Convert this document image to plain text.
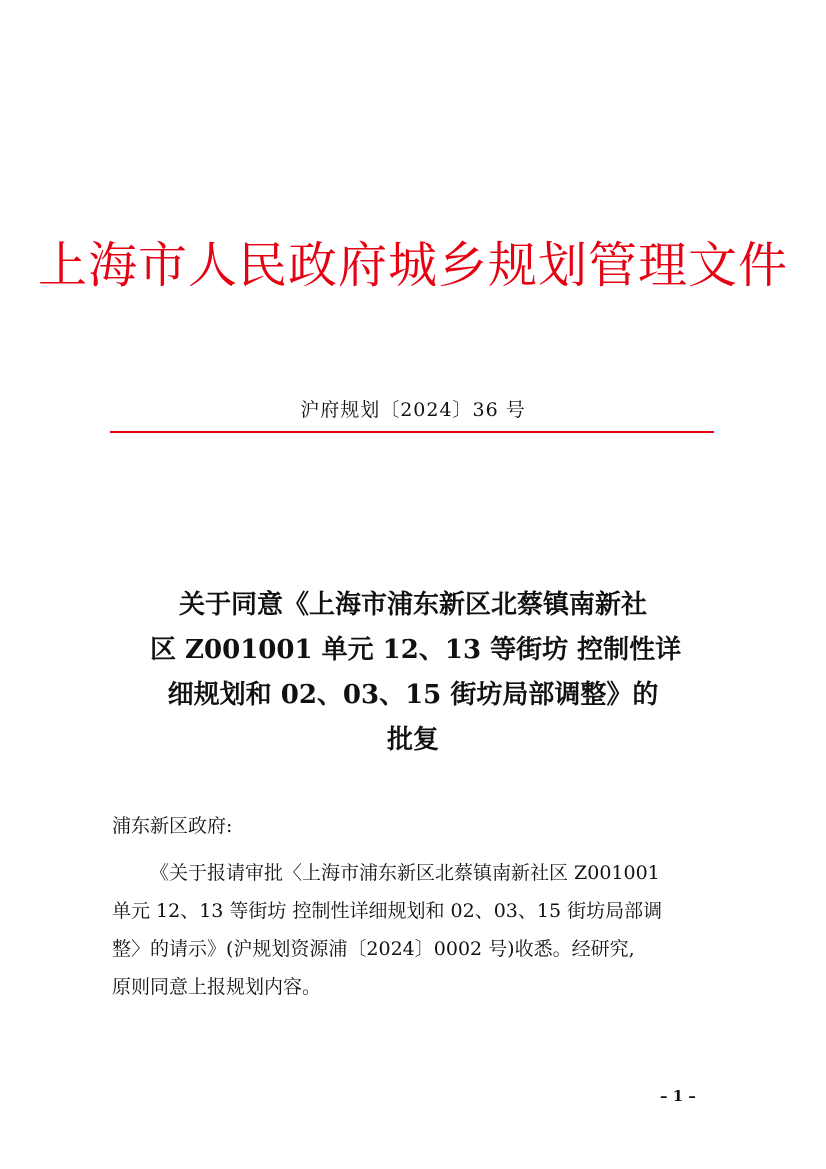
上海市人民政府城乡规划管理文件
沪府规划〔2024〕36 号
关于同意《上海市浦东新区北蔡镇南新社
区 Z001001 单元 12、13 等街坊 控制性详
细规划和 02、03、15 街坊局部调整》的
批复
浦东新区政府:
《关于报请审批〈上海市浦东新区北蔡镇南新社区 Z001001
单元 12、13 等街坊 控制性详细规划和 02、03、15 街坊局部调
整〉的请示》(沪规划资源浦〔2024〕0002 号)收悉。经研究,
原则同意上报规划内容。
– 1 –
